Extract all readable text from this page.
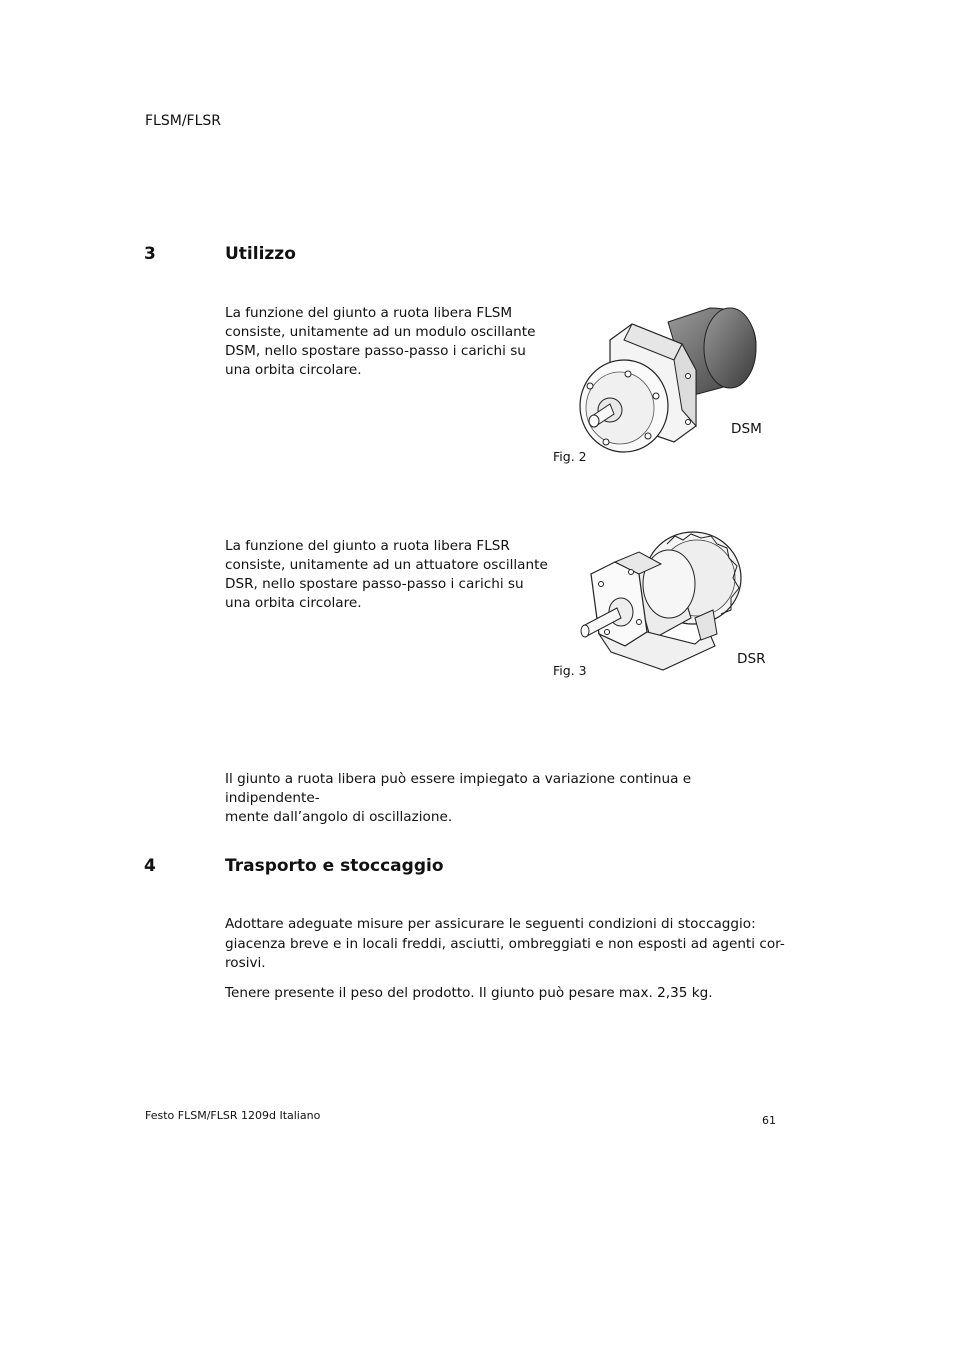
FLSM/FLSR
3	Utilizzo
La funzione del giunto a ruota libera FLSM
consiste, unitamente ad un modulo oscillante
DSM, nello spostare passo-passo i carichi su
una orbita circolare.
Fig. 2
DSM
La funzione del giunto a ruota libera FLSR
consiste, unitamente ad un attuatore oscillante
DSR, nello spostare passo-passo i carichi su
una orbita circolare.
Fig. 3
DSR
Il giunto a ruota libera può essere impiegato a variazione continua e indipendente-
mente dall’angolo di oscillazione.
4	Trasporto e stoccaggio
Adottare adeguate misure per assicurare le seguenti condizioni di stoccaggio:
giacenza breve e in locali freddi, asciutti, ombreggiati e non esposti ad agenti cor-
rosivi.
Tenere presente il peso del prodotto. Il giunto può pesare max. 2,35 kg.
Festo FLSM/FLSR 1209d Italiano	61
